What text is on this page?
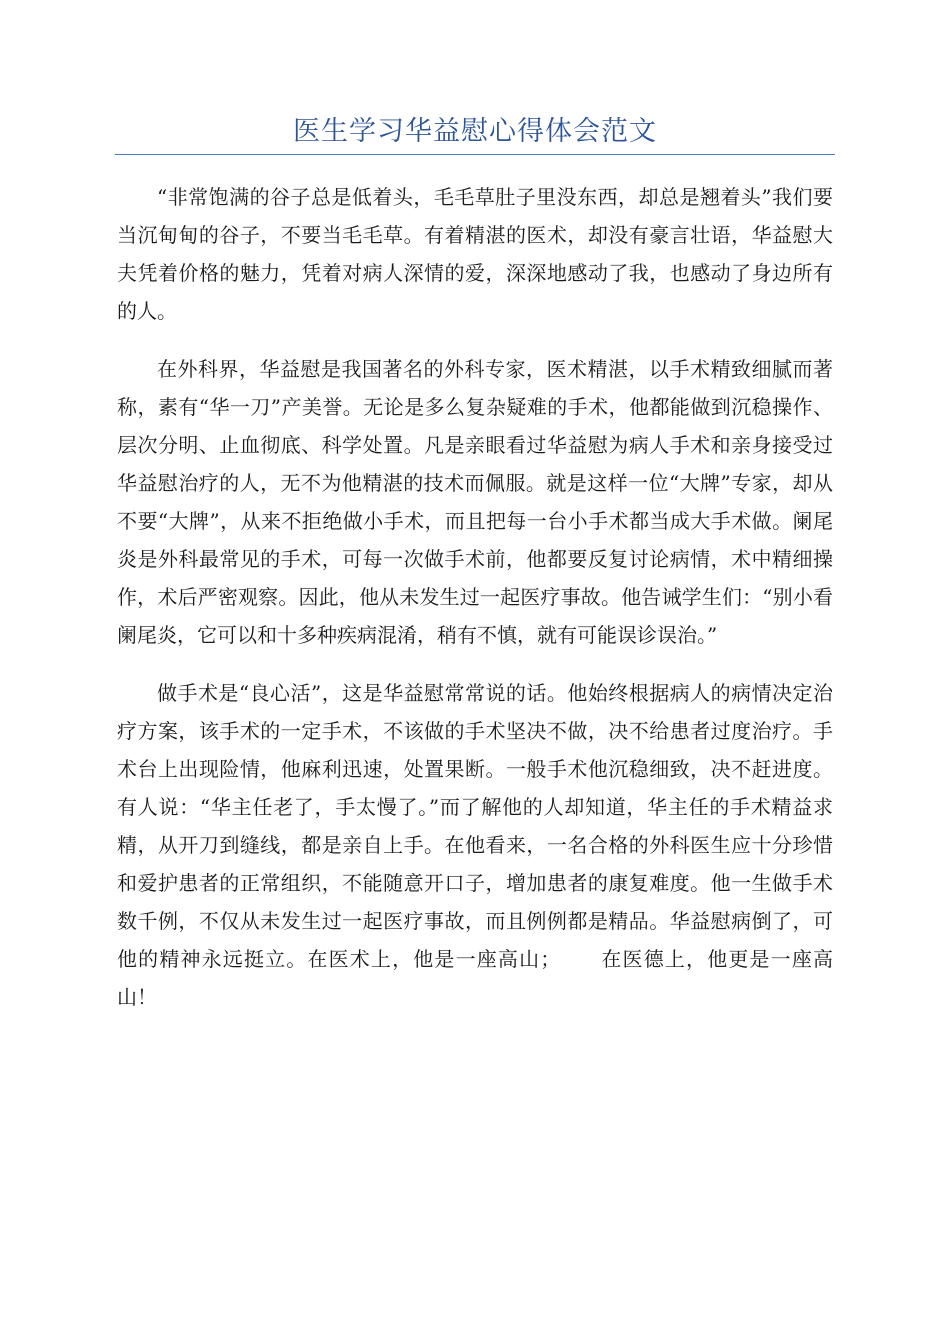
医生学习华益慰心得体会范文

“非常饱满的谷子总是低着头，毛毛草肚子里没东西，却总是翘着头”我们要当沉甸甸的谷子，不要当毛毛草。有着精湛的医术，却没有豪言壮语，华益慰大夫凭着价格的魅力，凭着对病人深情的爱，深深地感动了我，也感动了身边所有的人。

在外科界，华益慰是我国著名的外科专家，医术精湛，以手术精致细腻而著称，素有“华一刀”产美誉。无论是多么复杂疑难的手术，他都能做到沉稳操作、层次分明、止血彻底、科学处置。凡是亲眼看过华益慰为病人手术和亲身接受过华益慰治疗的人，无不为他精湛的技术而佩服。就是这样一位“大牌”专家，却从不要“大牌”，从来不拒绝做小手术，而且把每一台小手术都当成大手术做。阑尾炎是外科最常见的手术，可每一次做手术前，他都要反复讨论病情，术中精细操作，术后严密观察。因此，他从未发生过一起医疗事故。他告诫学生们：“别小看阑尾炎，它可以和十多种疾病混淆，稍有不慎，就有可能误诊误治。”

做手术是“良心活”，这是华益慰常常说的话。他始终根据病人的病情决定治疗方案，该手术的一定手术，不该做的手术坚决不做，决不给患者过度治疗。手术台上出现险情，他麻利迅速，处置果断。一般手术他沉稳细致，决不赶进度。有人说：“华主任老了，手太慢了。”而了解他的人却知道，华主任的手术精益求精，从开刀到缝线，都是亲自上手。在他看来，一名合格的外科医生应十分珍惜和爱护患者的正常组织，不能随意开口子，增加患者的康复难度。他一生做手术数千例，不仅从未发生过一起医疗事故，而且例例都是精品。华益慰病倒了，可他的精神永远挺立。在医术上，他是一座高山； 在医德上，他更是一座高山！
